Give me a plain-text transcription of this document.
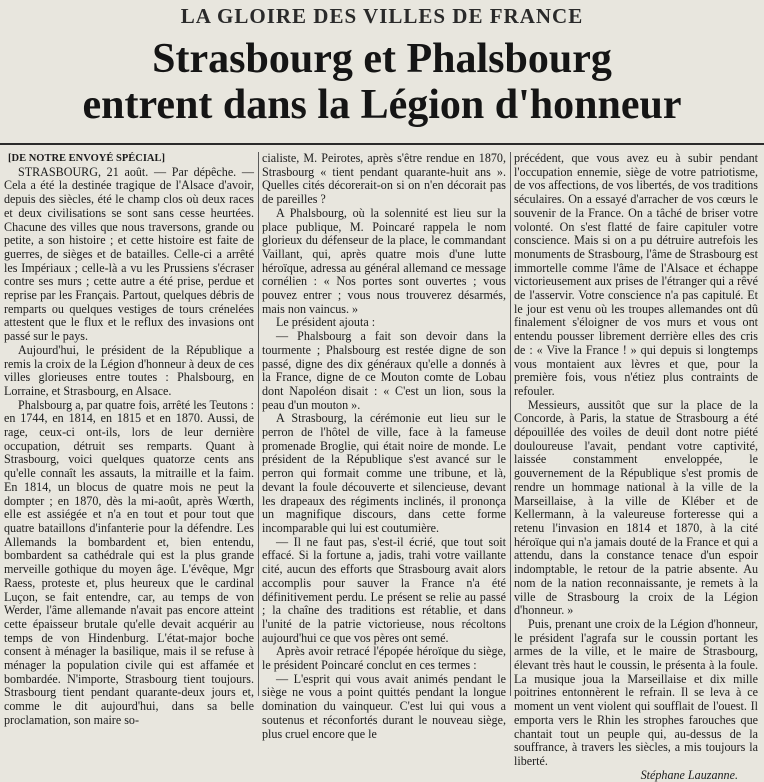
LA GLOIRE DES VILLES DE FRANCE
Strasbourg et Phalsbourg
entrent dans la Légion d'honneur

[DE NOTRE ENVOYÉ SPÉCIAL]

STRASBOURG, 21 août. — Par dépêche. — Cela a été la destinée tragique de l'Alsace d'avoir, depuis des siècles, été le champ clos où deux races et deux civilisations se sont sans cesse heurtées. Chacune des villes que nous traversons, grande ou petite, a son histoire ; et cette histoire est faite de guerres, de sièges et de batailles. Celle-ci a arrêté les Impériaux ; celle-là a vu les Prussiens s'écraser contre ses murs ; cette autre a été prise, perdue et reprise par les Français. Partout, quelques débris de remparts ou quelques vestiges de tours crénelées attestent que le flux et le reflux des invasions ont passé sur le pays.

Aujourd'hui, le président de la République a remis la croix de la Légion d'honneur à deux de ces villes glorieuses entre toutes : Phalsbourg, en Lorraine, et Strasbourg, en Alsace.

Phalsbourg a, par quatre fois, arrêté les Teutons : en 1744, en 1814, en 1815 et en 1870. Aussi, de rage, ceux-ci ont-ils, lors de leur dernière occupation, détruit ses remparts. Quant à Strasbourg, voici quelques quatorze cents ans qu'elle connaît les assauts, la mitraille et la faim. En 1814, un blocus de quatre mois ne peut la dompter ; en 1870, dès la mi-août, après Wœrth, elle est assiégée et n'a en tout et pour tout que quatre bataillons d'infanterie pour la défendre. Les Allemands la bombardent et, bien entendu, bombardent sa cathédrale qui est la plus grande merveille gothique du moyen âge. L'évêque, Mgr Raess, proteste et, plus heureux que le cardinal Luçon, se fait entendre, car, au temps de von Werder, l'âme allemande n'avait pas encore atteint cette épaisseur brutale qu'elle devait acquérir au temps de von Hindenburg. L'état-major boche consent à ménager la basilique, mais il se refuse à ménager la population civile qui est affamée et bombardée. N'importe, Strasbourg tient toujours. Strasbourg tient pendant quarante-deux jours et, comme le dit aujourd'hui, dans sa belle proclamation, son maire so-

cialiste, M. Peirotes, après s'être rendue en 1870, Strasbourg « tient pendant quarante-huit ans ». Quelles cités décorerait-on si on n'en décorait pas de pareilles ?

A Phalsbourg, où la solennité est lieu sur la place publique, M. Poincaré rappela le nom glorieux du défenseur de la place, le commandant Vaillant, qui, après quatre mois d'une lutte héroïque, adressa au général allemand ce message cornélien : « Nos portes sont ouvertes ; vous pouvez entrer ; vous nous trouverez désarmés, mais non vaincus. »

Le président ajouta :

— Phalsbourg a fait son devoir dans la tourmente ; Phalsbourg est restée digne de son passé, digne des dix généraux qu'elle a donnés à la France, digne de ce Mouton comte de Lobau dont Napoléon disait : « C'est un lion, sous la peau d'un mouton ».

A Strasbourg, la cérémonie eut lieu sur le perron de l'hôtel de ville, face à la fameuse promenade Broglie, qui était noire de monde. Le président de la République s'est avancé sur le perron qui formait comme une tribune, et là, devant la foule découverte et silencieuse, devant les drapeaux des régiments inclinés, il prononça un magnifique discours, dans cette forme incomparable qui lui est coutumière.

— Il ne faut pas, s'est-il écrié, que tout soit effacé. Si la fortune a, jadis, trahi votre vaillante cité, aucun des efforts que Strasbourg avait alors accomplis pour sauver la France n'a été définitivement perdu. Le présent se relie au passé ; la chaîne des traditions est rétablie, et dans l'unité de la patrie victorieuse, nous récoltons aujourd'hui ce que vos pères ont semé.

Après avoir retracé l'épopée héroïque du siège, le président Poincaré conclut en ces termes :

— L'esprit qui vous avait animés pendant le siège ne vous a point quittés pendant la longue domination du vainqueur. C'est lui qui vous a soutenus et réconfortés durant le nouveau siège, plus cruel encore que le

précédent, que vous avez eu à subir pendant l'occupation ennemie, siège de votre patriotisme, de vos affections, de vos libertés, de vos traditions séculaires. On a essayé d'arracher de vos cœurs le souvenir de la France. On a tâché de briser votre volonté. On s'est flatté de faire capituler votre conscience. Mais si on a pu détruire autrefois les monuments de Strasbourg, l'âme de Strasbourg est immortelle comme l'âme de l'Alsace et échappe victorieusement aux prises de l'étranger qui a rêvé de l'asservir. Votre conscience n'a pas capitulé. Et le jour est venu où les troupes allemandes ont dû finalement s'éloigner de vos murs et vous ont entendu pousser librement derrière elles des cris de : « Vive la France ! » qui depuis si longtemps vous montaient aux lèvres et que, pour la première fois, vous n'étiez plus contraints de refouler.

Messieurs, aussitôt que sur la place de la Concorde, à Paris, la statue de Strasbourg a été dépouillée des voiles de deuil dont notre piété douloureuse l'avait, pendant votre captivité, laissée constamment enveloppée, le gouvernement de la République s'est promis de rendre un hommage national à la ville de la Marseillaise, à la ville de Kléber et de Kellermann, à la valeureuse forteresse qui a retenu l'invasion en 1814 et 1870, à la cité héroïque qui n'a jamais douté de la France et qui a attendu, dans la constance tenace d'un espoir indomptable, le retour de la patrie absente. Au nom de la nation reconnaissante, je remets à la ville de Strasbourg la croix de la Légion d'honneur. »

Puis, prenant une croix de la Légion d'honneur, le président l'agrafa sur le coussin portant les armes de la ville, et le maire de Strasbourg, élevant très haut le coussin, le présenta à la foule. La musique joua la Marseillaise et dix mille poitrines entonnèrent le refrain. Il se leva à ce moment un vent violent qui soufflait de l'ouest. Il emporta vers le Rhin les strophes farouches que chantait tout un peuple qui, au-dessus de la souffrance, à travers les siècles, a mis toujours la liberté.

Stéphane Lauzanne.
